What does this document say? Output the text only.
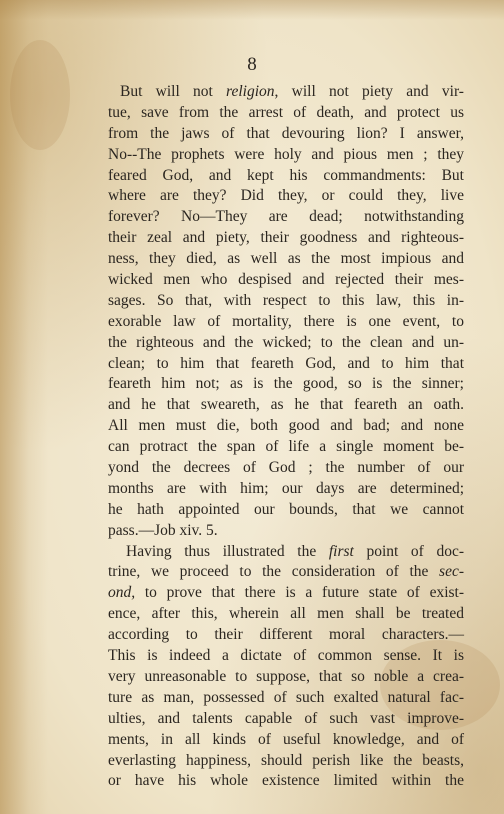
8
But will not religion, will not piety and vir-
tue, save from the arrest of death, and protect us
from the jaws of that devouring lion? I answer,
No--The prophets were holy and pious men ; they
feared God, and kept his commandments: But
where are they? Did they, or could they, live
forever? No—They are dead; notwithstanding
their zeal and piety, their goodness and righteous-
ness, they died, as well as the most impious and
wicked men who despised and rejected their mes-
sages. So that, with respect to this law, this in-
exorable law of mortality, there is one event, to
the righteous and the wicked; to the clean and un-
clean; to him that feareth God, and to him that
feareth him not; as is the good, so is the sinner;
and he that sweareth, as he that feareth an oath.
All men must die, both good and bad; and none
can protract the span of life a single moment be-
yond the decrees of God ; the number of our
months are with him; our days are determined;
he hath appointed our bounds, that we cannot
pass.—Job xiv. 5.
Having thus illustrated the first point of doc-
trine, we proceed to the consideration of the sec-
ond, to prove that there is a future state of exist-
ence, after this, wherein all men shall be treated
according to their different moral characters.—
This is indeed a dictate of common sense. It is
very unreasonable to suppose, that so noble a crea-
ture as man, possessed of such exalted natural fac-
ulties, and talents capable of such vast improve-
ments, in all kinds of useful knowledge, and of
everlasting happiness, should perish like the beasts,
or have his whole existence limited within the
